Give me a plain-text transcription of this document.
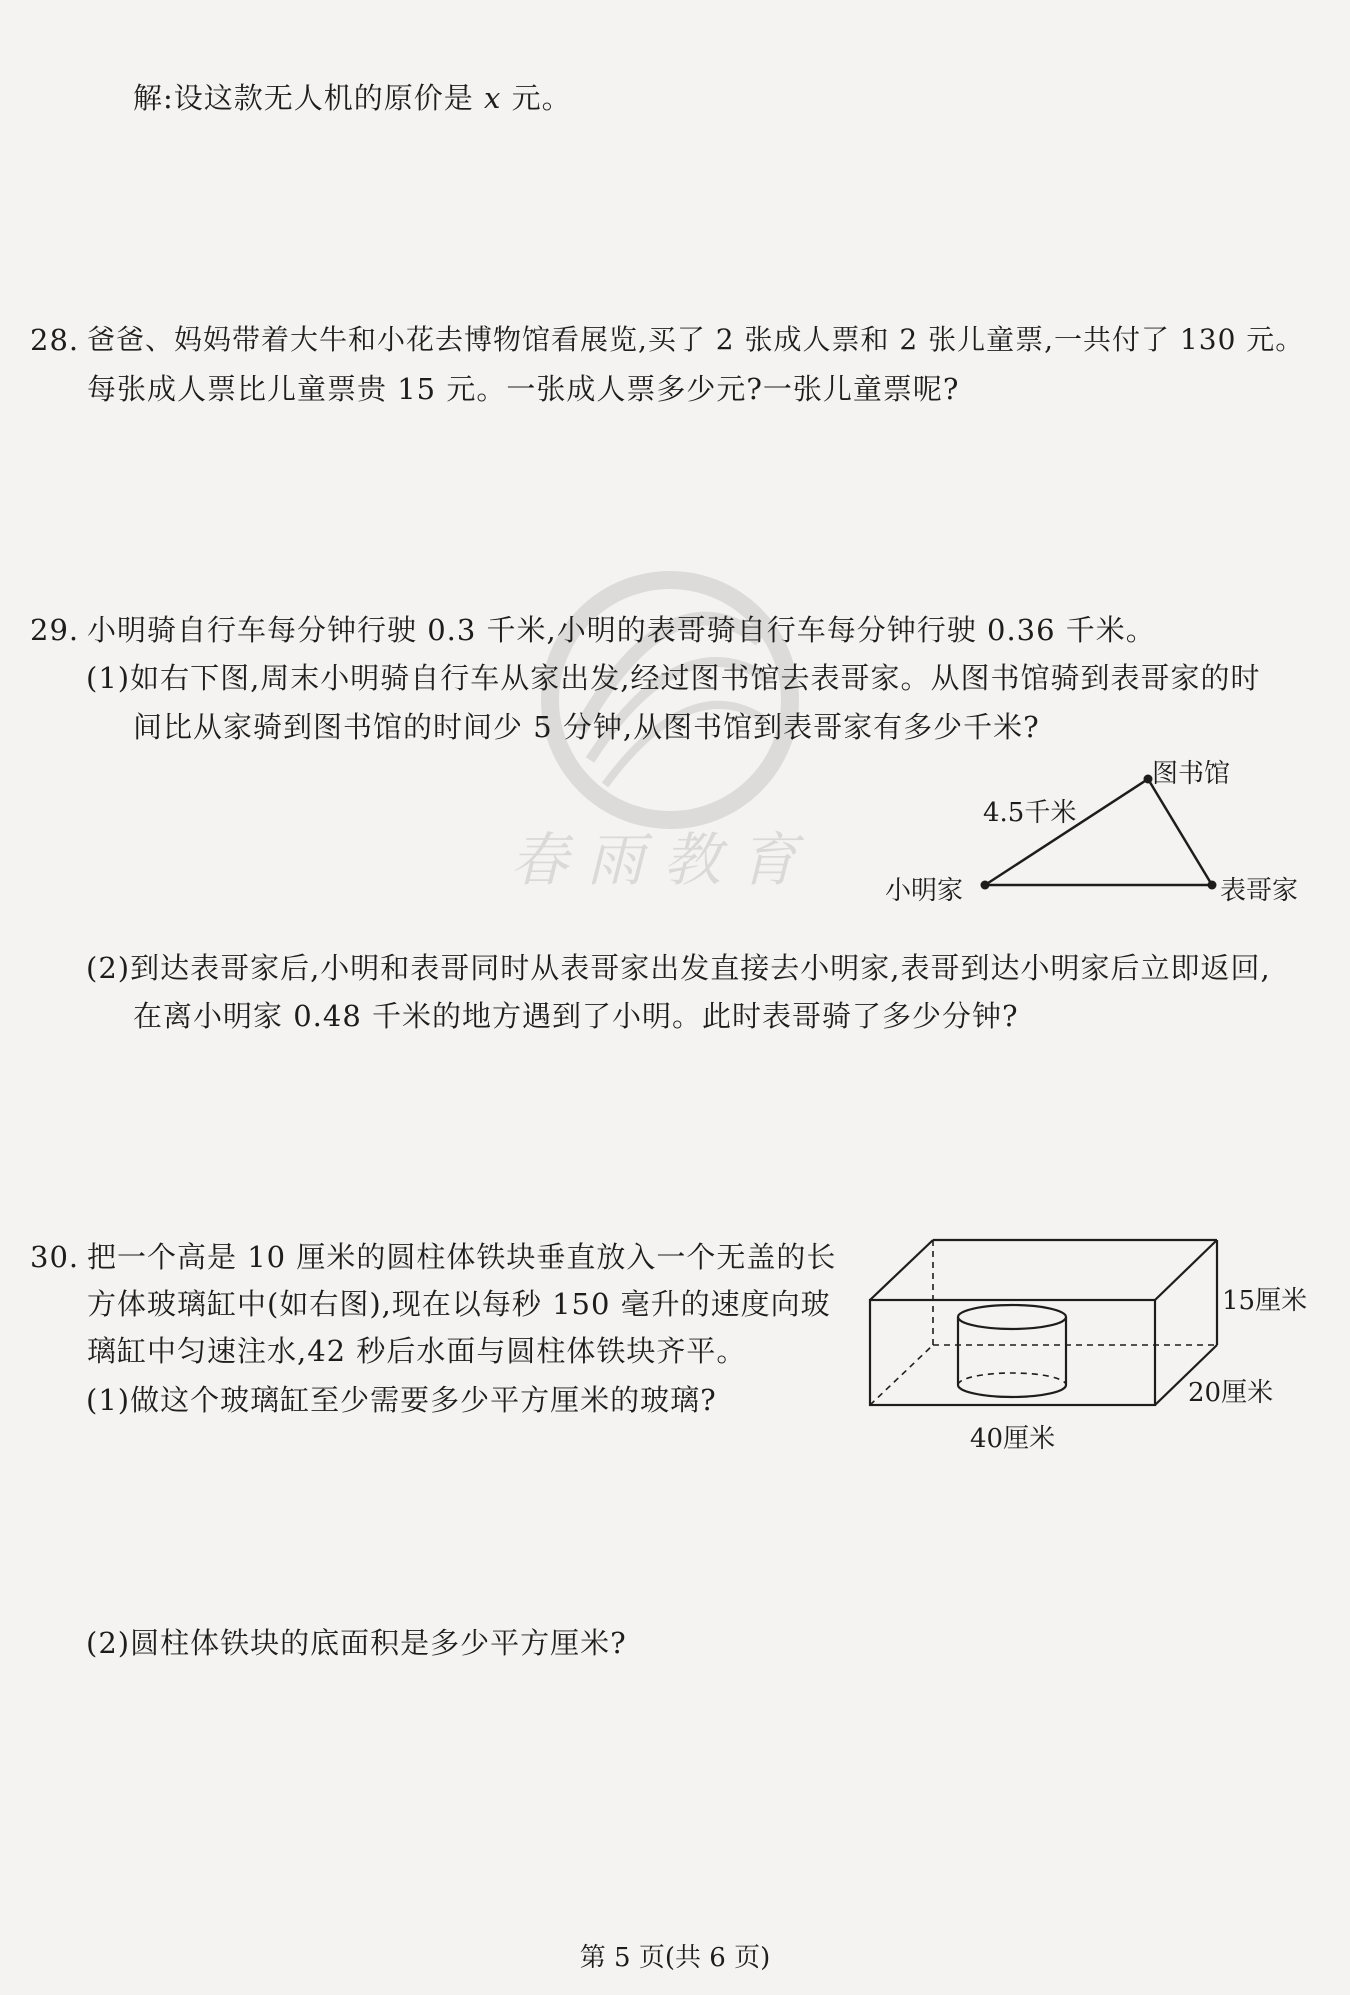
春 雨 教 育
解:设这款无人机的原价是 x 元。
28. 爸爸、妈妈带着大牛和小花去博物馆看展览,买了 2 张成人票和 2 张儿童票,一共付了 130 元。
每张成人票比儿童票贵 15 元。一张成人票多少元?一张儿童票呢?
29. 小明骑自行车每分钟行驶 0.3 千米,小明的表哥骑自行车每分钟行驶 0.36 千米。
(1)如右下图,周末小明骑自行车从家出发,经过图书馆去表哥家。从图书馆骑到表哥家的时
间比从家骑到图书馆的时间少 5 分钟,从图书馆到表哥家有多少千米?
图书馆
4.5千米
小明家	表哥家
(2)到达表哥家后,小明和表哥同时从表哥家出发直接去小明家,表哥到达小明家后立即返回,
在离小明家 0.48 千米的地方遇到了小明。此时表哥骑了多少分钟?
30. 把一个高是 10 厘米的圆柱体铁块垂直放入一个无盖的长
方体玻璃缸中(如右图),现在以每秒 150 毫升的速度向玻
璃缸中匀速注水,42 秒后水面与圆柱体铁块齐平。
(1)做这个玻璃缸至少需要多少平方厘米的玻璃?
15厘米
20厘米
40厘米
(2)圆柱体铁块的底面积是多少平方厘米?
第 5 页(共 6 页)
